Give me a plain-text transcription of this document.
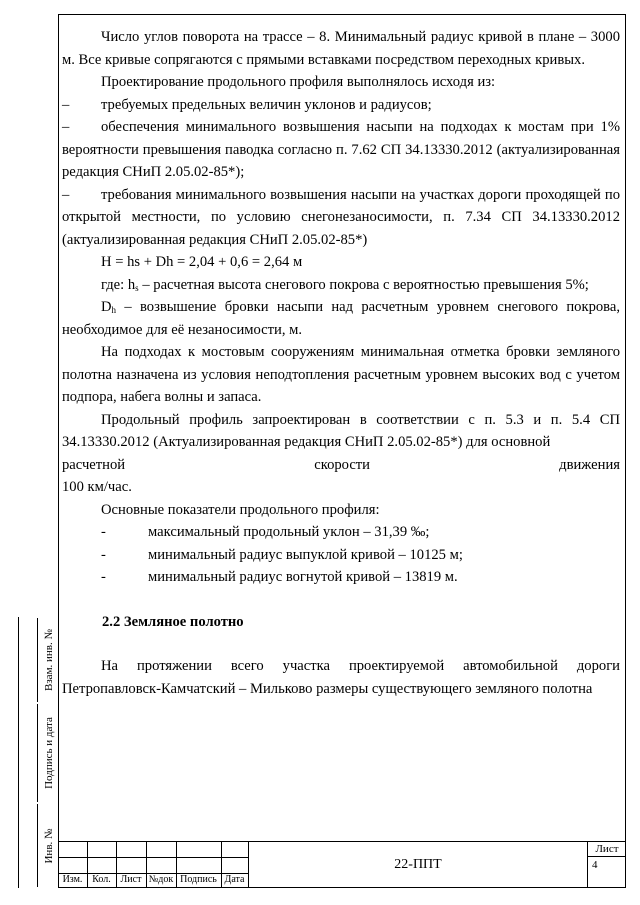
Число углов поворота на трассе – 8. Минимальный радиус кривой в плане – 3000 м. Все кривые сопрягаются с прямыми вставками посредством переходных кривых.

Проектирование продольного профиля выполнялось исходя из:

– требуемых предельных величин уклонов и радиусов;

– обеспечения минимального возвышения насыпи на подходах к мостам при 1% вероятности превышения паводка согласно п. 7.62 СП 34.13330.2012 (актуализированная редакция СНиП 2.05.02-85*);

– требования минимального возвышения насыпи на участках дороги проходящей по открытой местности, по условию снегонезаносимости, п. 7.34 СП 34.13330.2012 (актуализированная редакция СНиП 2.05.02-85*)

H = hs + Dh = 2,04 + 0,6 = 2,64 м

где: $h_s$ – расчетная высота снегового покрова с вероятностью превышения 5%;

$D_h$ – возвышение бровки насыпи над расчетным уровнем снегового покрова, необходимое для её незаносимости, м.

На подходах к мостовым сооружениям минимальная отметка бровки земляного полотна назначена из условия неподтопления расчетным уровнем высоких вод с учетом подпора, набега волны и запаса.

Продольный профиль запроектирован в соответствии с п. 5.3 и п. 5.4 СП 34.13330.2012 (Актуализированная редакция СНиП 2.05.02-85*) для основной

расчетной скорости движения

100 км/час.

Основные показатели продольного профиля:

-	максимальный продольный уклон – 31,39 ‰;

-	минимальный радиус выпуклой кривой – 10125 м;

-	минимальный радиус вогнутой кривой – 13819 м.

2.2 Земляное полотно

На протяжении всего участка проектируемой автомобильной дороги Петропавловск-Камчатский – Мильково размеры существующего земляного полотна

Взам. инв. №
Подпись и дата
Инв. №
Изм. Кол. Лист №док Подпись Дата
22-ППТ
Лист
4
